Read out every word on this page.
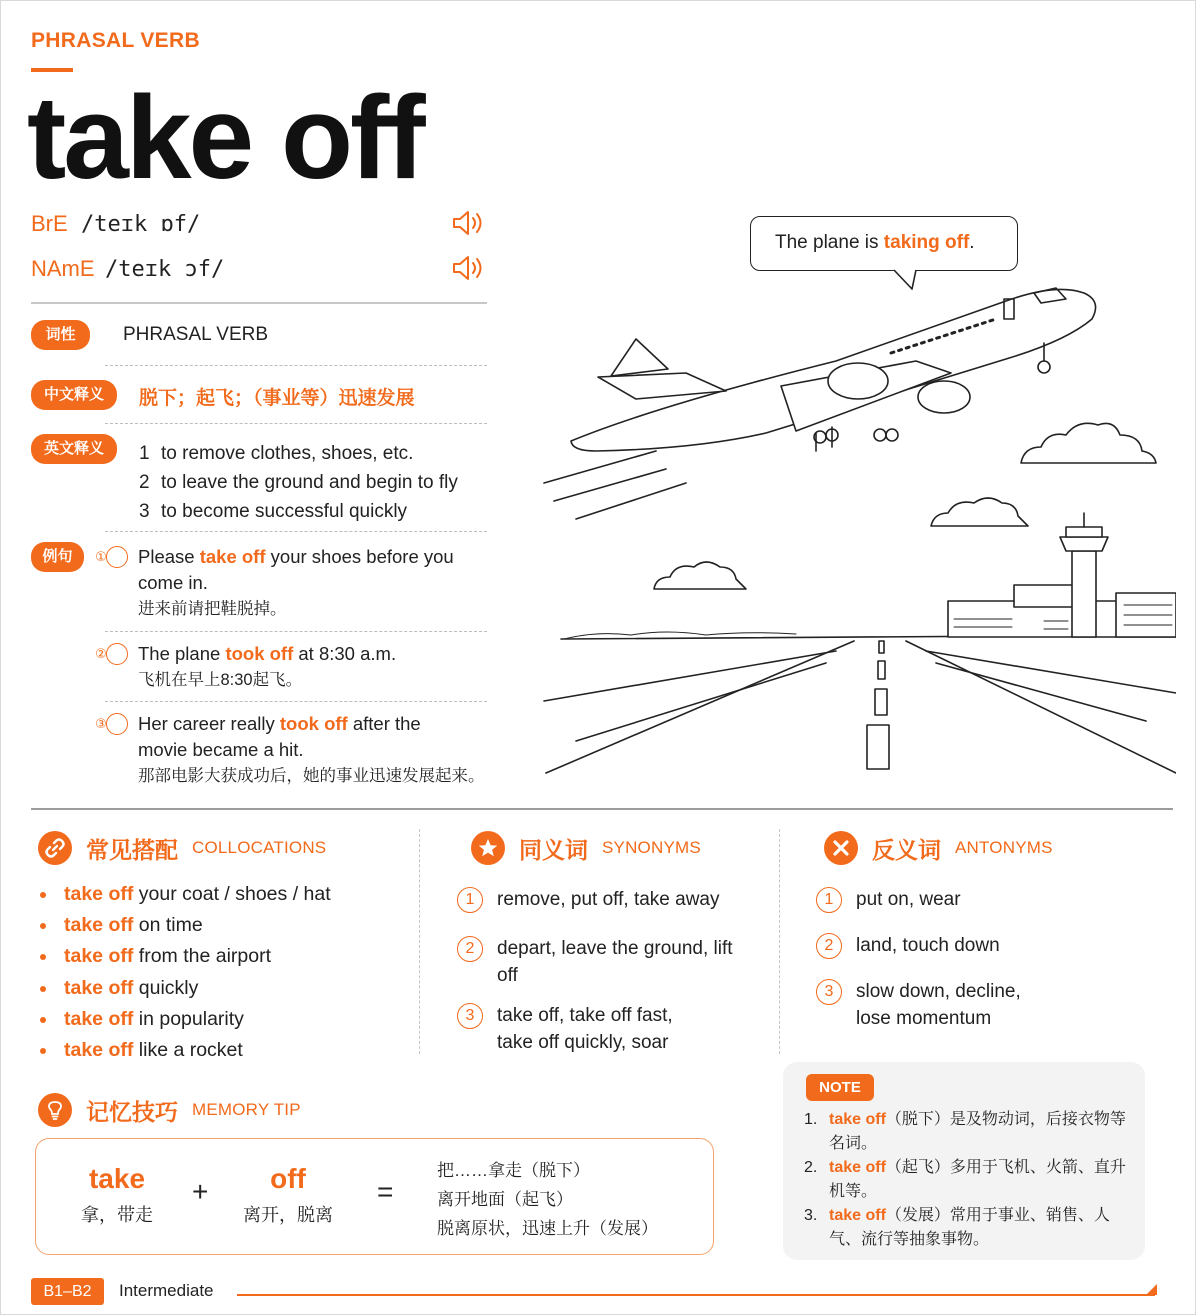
PHRASAL VERB
take off
BrE /teɪk ɒf/
NAmE /teɪk ɔf/
词性	PHRASAL VERB
中文释义	脱下；起飞；（事业等）迅速发展
英文释义	1 to remove clothes, shoes, etc.
2 to leave the ground and begin to fly
3 to become successful quickly
例句	① Please take off your shoes before you come in.
进来前请把鞋脱掉。
② The plane took off at 8:30 a.m.
飞机在早上8:30起飞。
③ Her career really took off after the movie became a hit.
那部电影大获成功后，她的事业迅速发展起来。
The plane is taking off.
常见搭配 COLLOCATIONS
take off your coat / shoes / hat
take off on time
take off from the airport
take off quickly
take off in popularity
take off like a rocket
同义词 SYNONYMS
1	remove, put off, take away
2	depart, leave the ground, lift off
3	take off, take off fast, take off quickly, soar
反义词 ANTONYMS
1	put on, wear
2	land, touch down
3	slow down, decline, lose momentum
记忆技巧 MEMORY TIP
take
拿，带走
+	off
离开，脱离
=
把……拿走（脱下）
离开地面（起飞）
脱离原状，迅速上升（发展）
NOTE
1. take off（脱下）是及物动词，后接衣物等名词。
2. take off（起飞）多用于飞机、火箭、直升机等。
3. take off（发展）常用于事业、销售、人气、流行等抽象事物。
B1–B2	Intermediate
